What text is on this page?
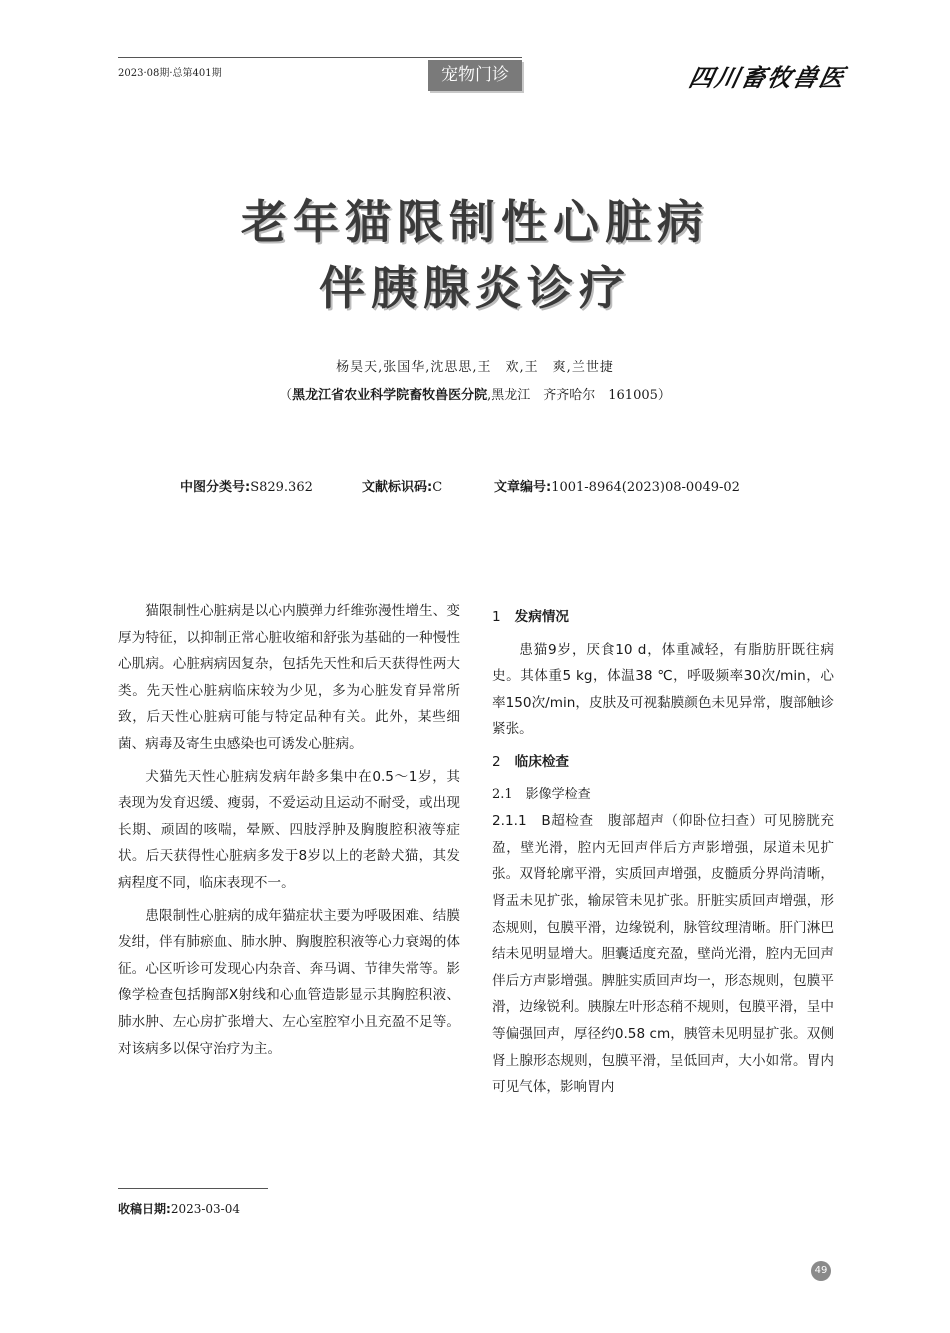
2023·08期·总第401期	宠物门诊	四川畜牧兽医
老年猫限制性心脏病
伴胰腺炎诊疗
杨昊天,张国华,沈思思,王　欢,王　爽,兰世捷
（黑龙江省农业科学院畜牧兽医分院,黑龙江　齐齐哈尔　161005）
中图分类号:S829.362	文献标识码:C	文章编号:1001-8964(2023)08-0049-02

猫限制性心脏病是以心内膜弹力纤维弥漫性增生、变厚为特征，以抑制正常心脏收缩和舒张为基础的一种慢性心肌病。心脏病病因复杂，包括先天性和后天获得性两大类。先天性心脏病临床较为少见，多为心脏发育异常所致，后天性心脏病可能与特定品种有关。此外，某些细菌、病毒及寄生虫感染也可诱发心脏病。

犬猫先天性心脏病发病年龄多集中在0.5～1岁，其表现为发育迟缓、瘦弱，不爱运动且运动不耐受，或出现长期、顽固的咳喘，晕厥、四肢浮肿及胸腹腔积液等症状。后天获得性心脏病多发于8岁以上的老龄犬猫，其发病程度不同，临床表现不一。

患限制性心脏病的成年猫症状主要为呼吸困难、结膜发绀，伴有肺瘀血、肺水肿、胸腹腔积液等心力衰竭的体征。心区听诊可发现心内杂音、奔马调、节律失常等。影像学检查包括胸部X射线和心血管造影显示其胸腔积液、肺水肿、左心房扩张增大、左心室腔窄小且充盈不足等。对该病多以保守治疗为主。

1 发病情况

患猫9岁，厌食10 d，体重减轻，有脂肪肝既往病史。其体重5 kg，体温38 ℃，呼吸频率30次/min，心率150次/min，皮肤及可视黏膜颜色未见异常，腹部触诊紧张。

2 临床检查
2.1　影像学检查

2.1.1　B超检查　腹部超声（仰卧位扫查）可见膀胱充盈，壁光滑，腔内无回声伴后方声影增强，尿道未见扩张。双肾轮廓平滑，实质回声增强，皮髓质分界尚清晰，肾盂未见扩张，输尿管未见扩张。肝脏实质回声增强，形态规则，包膜平滑，边缘锐利，脉管纹理清晰。肝门淋巴结未见明显增大。胆囊适度充盈，壁尚光滑，腔内无回声伴后方声影增强。脾脏实质回声均一，形态规则，包膜平滑，边缘锐利。胰腺左叶形态稍不规则，包膜平滑，呈中等偏强回声，厚径约0.58 cm，胰管未见明显扩张。双侧肾上腺形态规则，包膜平滑，呈低回声，大小如常。胃内可见气体，影响胃内

收稿日期:2023-03-04
49
